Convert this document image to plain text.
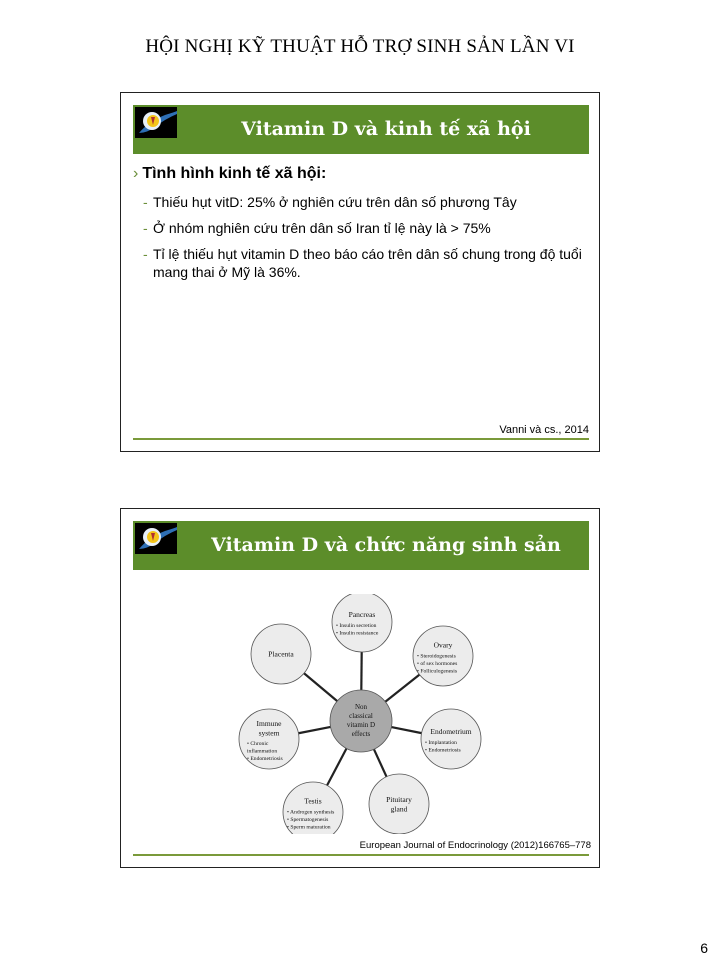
HỘI NGHỊ KỸ THUẬT HỖ TRỢ SINH SẢN LẦN VI
Vitamin D và kinh tế xã hội
› Tình hình kinh tế xã hội:
- Thiếu hụt vitD: 25% ở nghiên cứu trên dân số phương Tây
- Ở nhóm nghiên cứu trên dân số Iran tỉ lệ này là > 75%
- Tỉ lệ thiếu hụt vitamin D theo báo cáo trên dân số chung trong độ tuổi mang thai ở Mỹ là 36%.
Vanni và cs., 2014
Vitamin D và chức năng sinh sản
Pancreas
• Insulin secretion
• Insulin resistance
Ovary
• Steroidogenesis
• of sex hormones
• Folliculogenesis
Endometrium
• Implantation
• Endometriosis
Pituitary
gland
Testis
• Androgen synthesis
• Spermatogenesis
• Sperm maturation
Immune
system
• Chronic
inflammation
• Endometriosis
Placenta
Non
classical
vitamin D
effects
European Journal of Endocrinology (2012)166765–778
6
